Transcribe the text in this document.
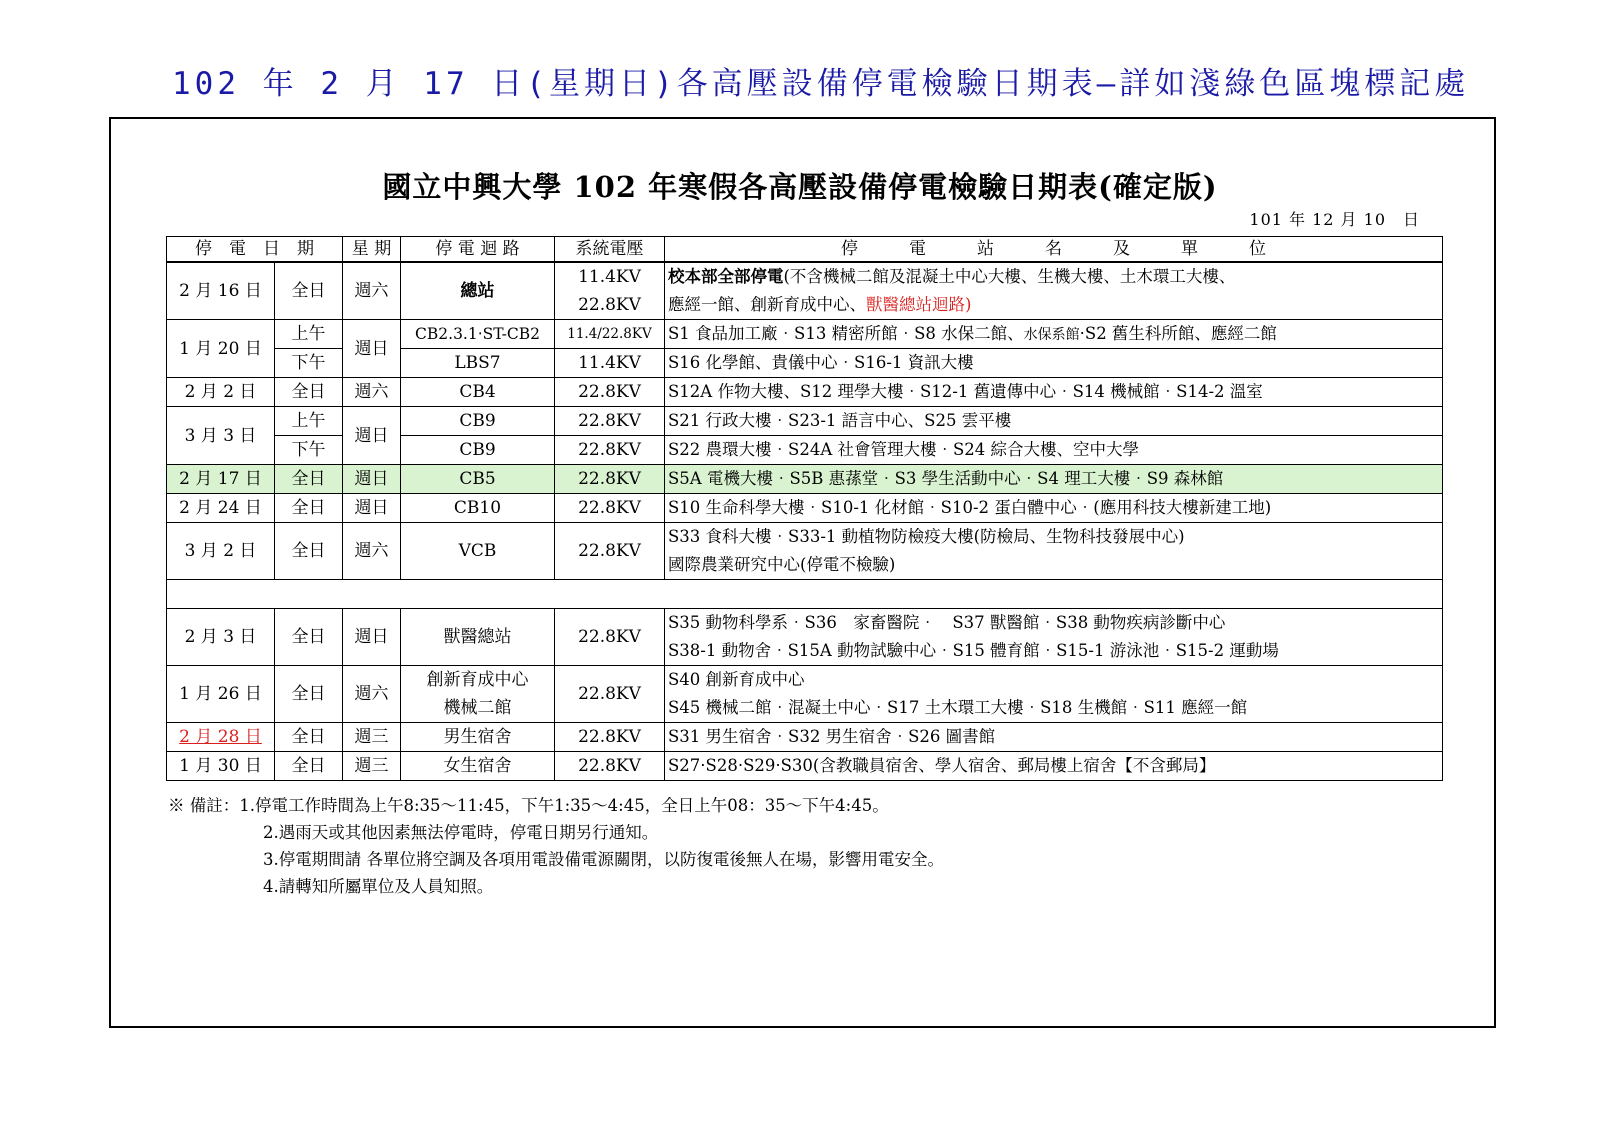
102 年 2 月 17 日(星期日)各高壓設備停電檢驗日期表—詳如淺綠色區塊標記處
國立中興大學 102 年寒假各高壓設備停電檢驗日期表(確定版)
101 年 12 月 10　日
停　電　日　期		星 期	停 電 迴 路	系統電壓	停　　　電　　　站　　　名　　　及　　　單　　　位
2 月 16 日	全日	週六	總站	11.4KV	校本部全部停電(不含機械二館及混凝土中心大樓、生機大樓、土木環工大樓、
				22.8KV	應經一館、創新育成中心、獸醫總站迴路)
1 月 20 日	上午	週日	CB2.3.1‧ST-CB2	11.4/22.8KV	S1 食品加工廠‧S13 精密所館‧S8 水保二館、水保系館‧S2 舊生科所館、應經二館
	下午		LBS7	11.4KV	S16 化學館、貴儀中心‧S16-1 資訊大樓
2 月 2 日	全日	週六	CB4	22.8KV	S12A 作物大樓、S12 理學大樓‧S12-1 舊遺傳中心‧S14 機械館‧S14-2 溫室
3 月 3 日	上午	週日	CB9	22.8KV	S21 行政大樓‧S23-1 語言中心、S25 雲平樓
	下午		CB9	22.8KV	S22 農環大樓‧S24A 社會管理大樓‧S24 綜合大樓、空中大學
2 月 17 日	全日	週日	CB5	22.8KV	S5A 電機大樓‧S5B 惠蓀堂‧S3 學生活動中心‧S4 理工大樓‧S9 森林館
2 月 24 日	全日	週日	CB10	22.8KV	S10 生命科學大樓‧S10-1 化材館‧S10-2 蛋白體中心‧(應用科技大樓新建工地)
3 月 2 日	全日	週六	VCB	22.8KV	S33 食科大樓‧S33-1 動植物防檢疫大樓(防檢局、生物科技發展中心)
					國際農業研究中心(停電不檢驗)

2 月 3 日	全日	週日	獸醫總站	22.8KV	S35 動物科學系‧S36　家畜醫院‧　S37 獸醫館‧S38 動物疾病診斷中心
					S38-1 動物舍‧S15A 動物試驗中心‧S15 體育館‧S15-1 游泳池‧S15-2 運動場
1 月 26 日	全日	週六	創新育成中心	22.8KV	S40 創新育成中心
			機械二館		S45 機械二館‧混凝土中心‧S17 土木環工大樓‧S18 生機館‧S11 應經一館
2 月 28 日	全日	週三	男生宿舍	22.8KV	S31 男生宿舍‧S32 男生宿舍‧S26 圖書館
1 月 30 日	全日	週三	女生宿舍	22.8KV	S27‧S28‧S29‧S30(含教職員宿舍、學人宿舍、郵局樓上宿舍【不含郵局】
※ 備註：1.停電工作時間為上午8:35～11:45，下午1:35～4:45，全日上午08：35～下午4:45。
2.遇雨天或其他因素無法停電時，停電日期另行通知。
3.停電期間請 各單位將空調及各項用電設備電源關閉，以防復電後無人在場，影響用電安全。
4.請轉知所屬單位及人員知照。
